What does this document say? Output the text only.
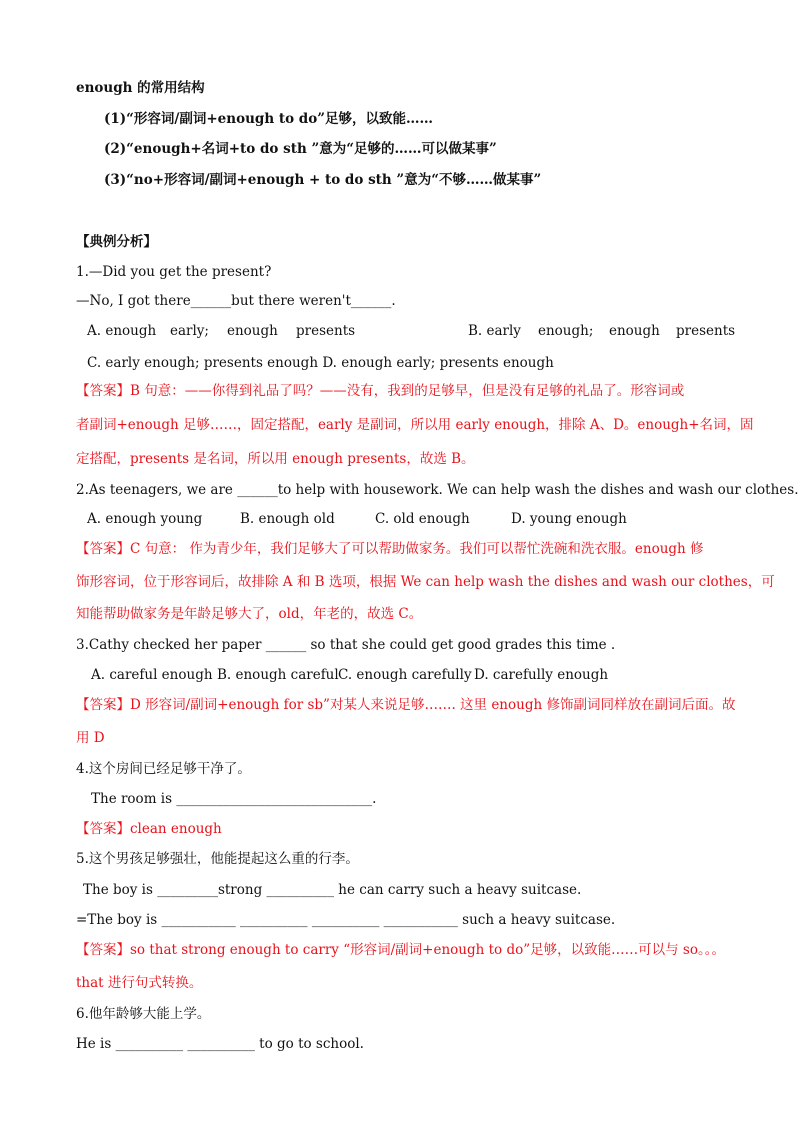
enough 的常用结构
(1)“形容词/副词+enough to do”足够，以致能……
(2)“enough+名词+to do sth ”意为“足够的……可以做某事”
(3)“no+形容词/副词+enough + to do sth ”意为“不够……做某事”
【典例分析】
1.—Did you get the present?
—No, I got there______but there weren't______.
A. enough early; enough presents	B. early enough; enough presents
C. early enough; presents enough D. enough early; presents enough
【答案】B 句意：——你得到礼品了吗？——没有，我到的足够早，但是没有足够的礼品了。形容词或
者副词+enough 足够……，固定搭配，early 是副词，所以用 early enough，排除 A、D。enough+名词，固
定搭配，presents 是名词，所以用 enough presents，故选 B。
2.As teenagers, we are ______to help with housework. We can help wash the dishes and wash our clothes.
A. enough young	B. enough old	C. old enough	D. young enough
【答案】C 句意： 作为青少年，我们足够大了可以帮助做家务。我们可以帮忙洗碗和洗衣服。enough 修
饰形容词，位于形容词后，故排除 A 和 B 选项，根据 We can help wash the dishes and wash our clothes，可
知能帮助做家务是年龄足够大了，old，年老的，故选 C。
3.Cathy checked her paper ______ so that she could get good grades this time .
A. careful enough B. enough careful C. enough carefully D. carefully enough
【答案】D 形容词/副词+enough for sb”对某人来说足够……. 这里 enough 修饰副词同样放在副词后面。故
用 D
4.这个房间已经足够干净了。
The room is _____________________________.
【答案】clean enough
5.这个男孩足够强壮，他能提起这么重的行李。
The boy is _________strong __________ he can carry such a heavy suitcase.
=The boy is ___________ __________ __________ ___________ such a heavy suitcase.
【答案】so that strong enough to carry “形容词/副词+enough to do”足够，以致能……可以与 so。。。
that 进行句式转换。
6.他年龄够大能上学。
He is __________ __________ to go to school.
